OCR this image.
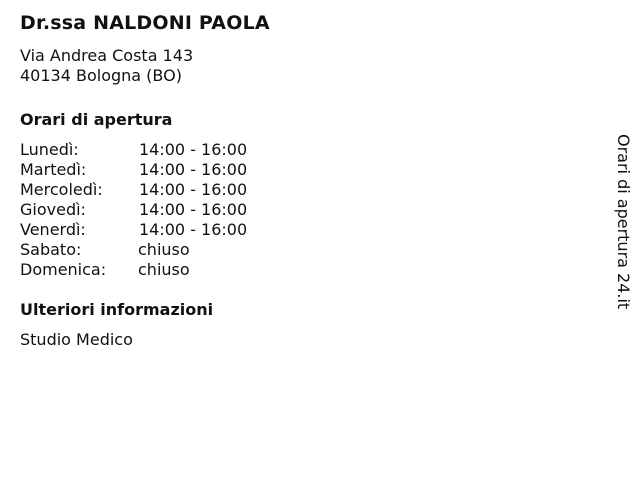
Dr.ssa NALDONI PAOLA
Via Andrea Costa 143
40134 Bologna (BO)
Orari di apertura
Lunedì:	14:00 - 16:00
Martedì:	14:00 - 16:00
Mercoledì:	14:00 - 16:00
Giovedì:	14:00 - 16:00
Venerdì:	14:00 - 16:00
Sabato:	chiuso
Domenica:	chiuso
Ulteriori informazioni
Studio Medico
Orari di apertura 24.it
